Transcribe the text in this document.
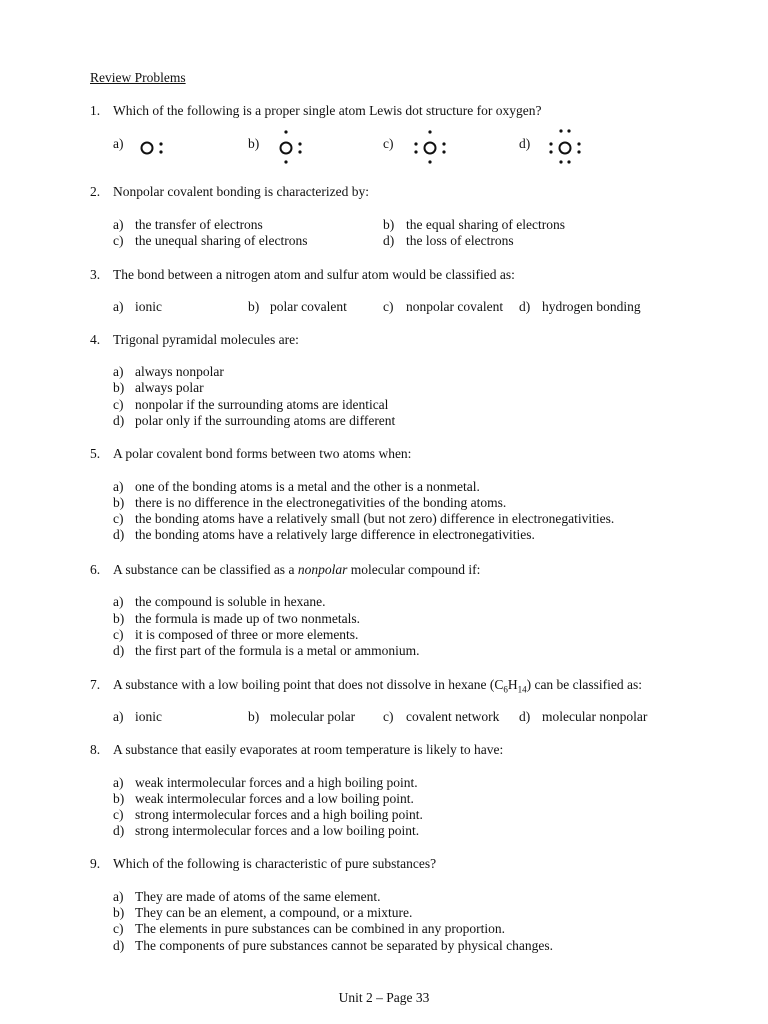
Review Problems
1. Which of the following is a proper single atom Lewis dot structure for oxygen?
a)	b)	c)	d)
2. Nonpolar covalent bonding is characterized by:
a) the transfer of electrons	b) the equal sharing of electrons
c) the unequal sharing of electrons	d) the loss of electrons
3. The bond between a nitrogen atom and sulfur atom would be classified as:
a) ionic	b) polar covalent	c) nonpolar covalent d) hydrogen bonding
4. Trigonal pyramidal molecules are:
a) always nonpolar
b) always polar
c) nonpolar if the surrounding atoms are identical
d) polar only if the surrounding atoms are different
5. A polar covalent bond forms between two atoms when:
a) one of the bonding atoms is a metal and the other is a nonmetal.
b) there is no difference in the electronegativities of the bonding atoms.
c) the bonding atoms have a relatively small (but not zero) difference in electronegativities.
d) the bonding atoms have a relatively large difference in electronegativities.
6. A substance can be classified as a nonpolar molecular compound if:
a) the compound is soluble in hexane.
b) the formula is made up of two nonmetals.
c) it is composed of three or more elements.
d) the first part of the formula is a metal or ammonium.
7. A substance with a low boiling point that does not dissolve in hexane $(C_6H_{14})$ can be classified as:
a) ionic	b) molecular polar c) covalent network d) molecular nonpolar
8. A substance that easily evaporates at room temperature is likely to have:
a) weak intermolecular forces and a high boiling point.
b) weak intermolecular forces and a low boiling point.
c) strong intermolecular forces and a high boiling point.
d) strong intermolecular forces and a low boiling point.
9. Which of the following is characteristic of pure substances?
a) They are made of atoms of the same element.
b) They can be an element, a compound, or a mixture.
c) The elements in pure substances can be combined in any proportion.
d) The components of pure substances cannot be separated by physical changes.
Unit 2 – Page 33
